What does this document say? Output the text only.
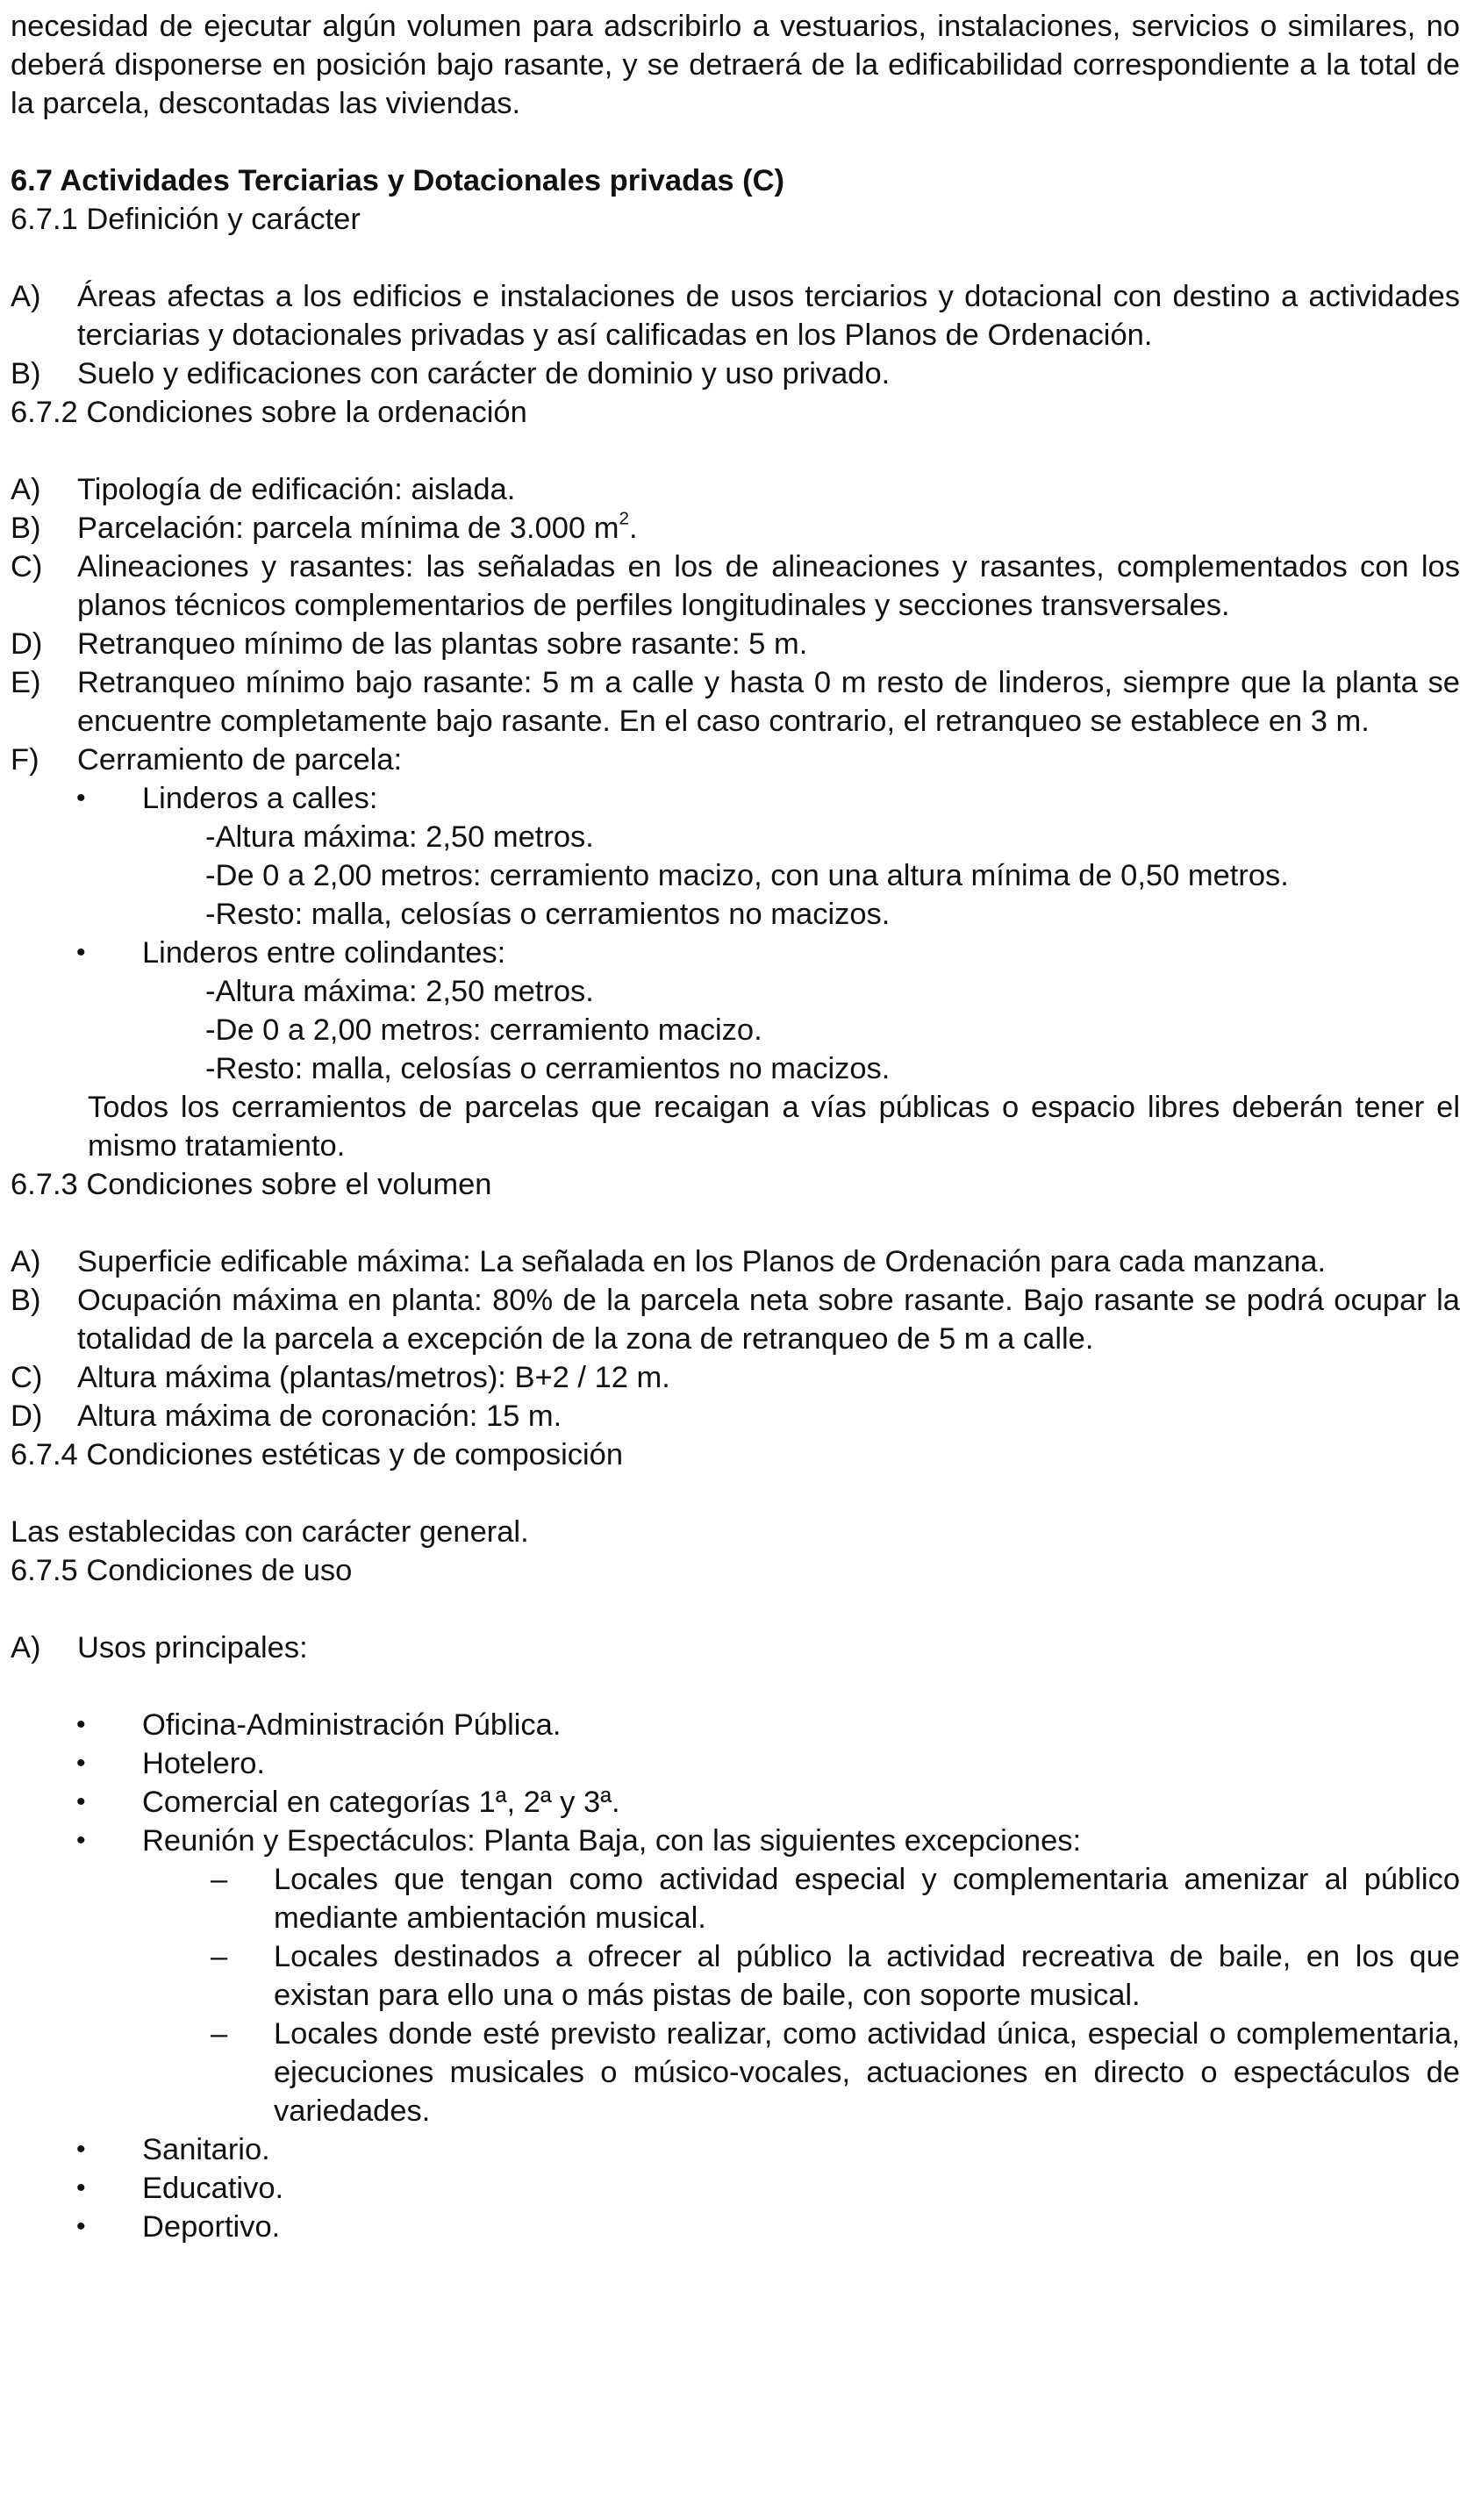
necesidad de ejecutar algún volumen para adscribirlo a vestuarios, instalaciones, servicios o similares, no deberá disponerse en posición bajo rasante, y se detraerá de la edificabilidad correspondiente a la total de la parcela, descontadas las viviendas.

6.7 Actividades Terciarias y Dotacionales privadas (C)

6.7.1 Definición y carácter

A) Áreas afectas a los edificios e instalaciones de usos terciarios y dotacional con destino a actividades terciarias y dotacionales privadas y así calificadas en los Planos de Ordenación.
B) Suelo y edificaciones con carácter de dominio y uso privado.

6.7.2 Condiciones sobre la ordenación

A) Tipología de edificación: aislada.
B) Parcelación: parcela mínima de 3.000 $m^2$.
C) Alineaciones y rasantes: las señaladas en los de alineaciones y rasantes, complementados con los planos técnicos complementarios de perfiles longitudinales y secciones transversales.
D) Retranqueo mínimo de las plantas sobre rasante: 5 m.
E) Retranqueo mínimo bajo rasante: 5 m a calle y hasta 0 m resto de linderos, siempre que la planta se encuentre completamente bajo rasante. En el caso contrario, el retranqueo se establece en 3 m.
F) Cerramiento de parcela:
• Linderos a calles:

-Altura máxima: 2,50 metros.

-De 0 a 2,00 metros: cerramiento macizo, con una altura mínima de 0,50 metros.

-Resto: malla, celosías o cerramientos no macizos.

• Linderos entre colindantes:

-Altura máxima: 2,50 metros.

-De 0 a 2,00 metros: cerramiento macizo.

-Resto: malla, celosías o cerramientos no macizos.

Todos los cerramientos de parcelas que recaigan a vías públicas o espacio libres deberán tener el mismo tratamiento.

6.7.3 Condiciones sobre el volumen

A) Superficie edificable máxima: La señalada en los Planos de Ordenación para cada manzana.
B) Ocupación máxima en planta: 80% de la parcela neta sobre rasante. Bajo rasante se podrá ocupar la totalidad de la parcela a excepción de la zona de retranqueo de 5 m a calle.
C) Altura máxima (plantas/metros): B+2 / 12 m.
D) Altura máxima de coronación: 15 m.

6.7.4 Condiciones estéticas y de composición

Las establecidas con carácter general.

6.7.5 Condiciones de uso

A) Usos principales:
• Oficina-Administración Pública.
• Hotelero.
• Comercial en categorías 1ª, 2ª y 3ª.
• Reunión y Espectáculos: Planta Baja, con las siguientes excepciones:
– Locales que tengan como actividad especial y complementaria amenizar al público mediante ambientación musical.
– Locales destinados a ofrecer al público la actividad recreativa de baile, en los que existan para ello una o más pistas de baile, con soporte musical.
– Locales donde esté previsto realizar, como actividad única, especial o complementaria, ejecuciones musicales o músico-vocales, actuaciones en directo o espectáculos de variedades.
• Sanitario.
• Educativo.
• Deportivo.
